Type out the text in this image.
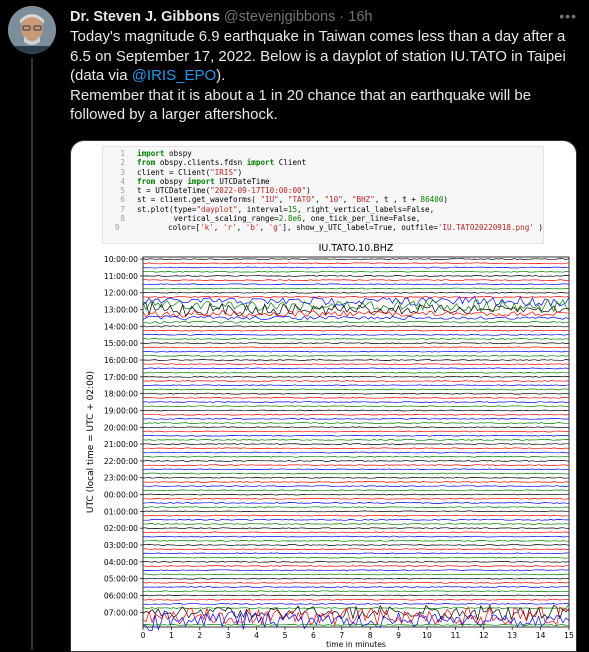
Dr. Steven J. Gibbons @stevenjgibbons · 16h	•••
Today's magnitude 6.9 earthquake in Taiwan comes less than a day after a 6.5 on September 17, 2022. Below is a dayplot of station IU.TATO in Taipei (data via @IRIS_EPO).
Remember that it is about a 1 in 20 chance that an earthquake will be followed by a larger aftershock.
1	import obspy
2	from obspy.clients.fdsn import Client
3	client = Client("IRIS")
4	from obspy import UTCDateTime
5	t = UTCDateTime("2022-09-17T10:00:00")
6	st = client.get_waveforms( "IU", "TATO", "10", "BHZ", t , t + 86400)
7	st.plot(type="dayplot", interval=15, right_vertical_labels=False,
8	vertical_scaling_range=2.8e6, one_tick_per_line=False,
9	color=['k', 'r', 'b', 'g'], show_y_UTC_label=True, outfile='IU.TATO20220918.png' )
IU.TATO.10.BHZ
10:00:00
11:00:00
12:00:00
13:00:00
14:00:00
15:00:00
16:00:00
17:00:00
18:00:00
19:00:00
20:00:00
21:00:00
22:00:00
23:00:00
00:00:00
01:00:00
02:00:00
03:00:00
04:00:00
05:00:00
06:00:00
07:00:00
0	1	2	3	4	5	6	7	8	9	10 11 12 13 14 15
time in minutes
UTC (local time = UTC + 02:00)
